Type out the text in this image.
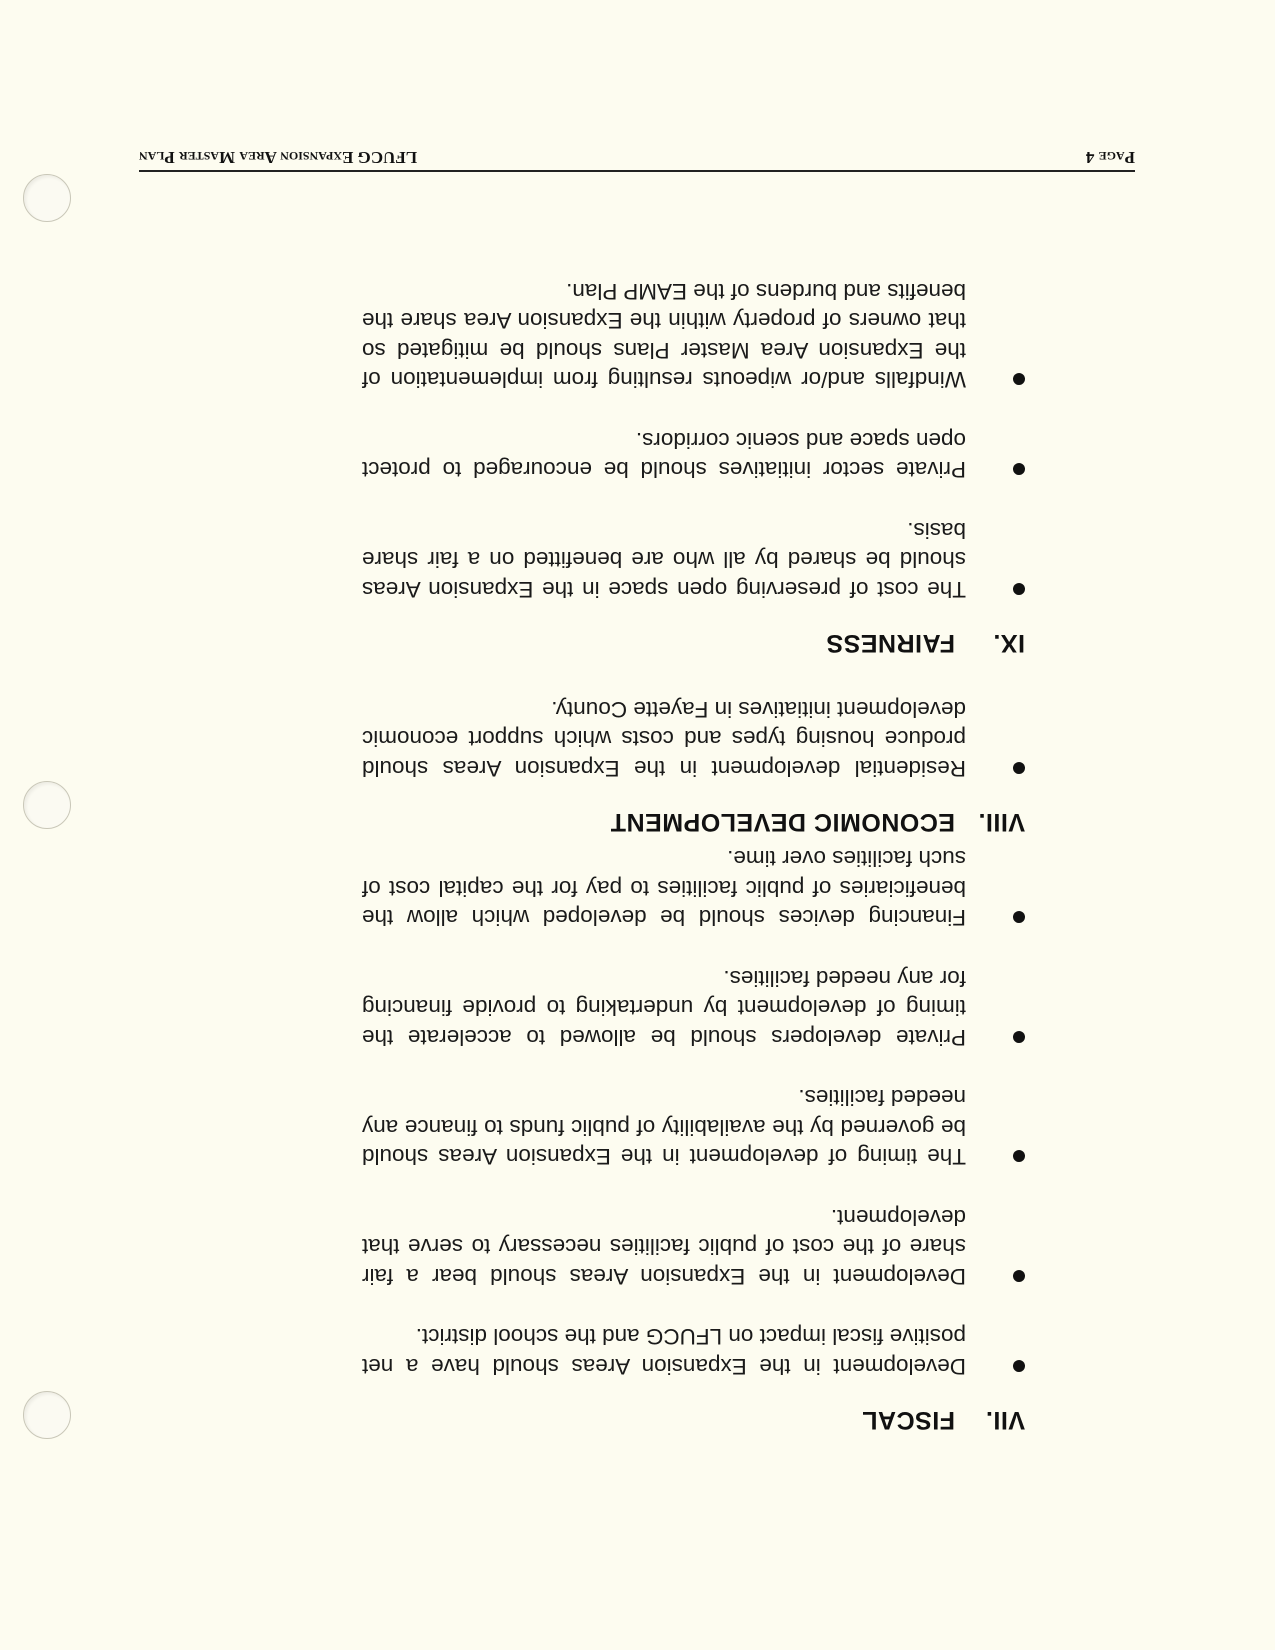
Page 4
LFUCG Expansion Area Master Plan
VII.
FISCAL
Development in the Expansion Areas should have a net positive fiscal impact on LFUCG and the school district.
Development in the Expansion Areas should bear a fair share of the cost of public facilities necessary to serve that development.
The timing of development in the Expansion Areas should be governed by the availability of public funds to finance any needed facilities.
Private developers should be allowed to accelerate the timing of development by undertaking to provide financing for any needed facilities.
Financing devices should be developed which allow the beneficiaries of public facilities to pay for the capital cost of such facilities over time.
VIII.
ECONOMIC DEVELOPMENT
Residential development in the Expansion Areas should produce housing types and costs which support economic development initiatives in Fayette County.
IX.
FAIRNESS
The cost of preserving open space in the Expansion Areas should be shared by all who are benefitted on a fair share basis.
Private sector initiatives should be encouraged to protect open space and scenic corridors.
Windfalls and/or wipeouts resulting from implementation of the Expansion Area Master Plans should be mitigated so that owners of property within the Expansion Area share the benefits and burdens of the EAMP Plan.
